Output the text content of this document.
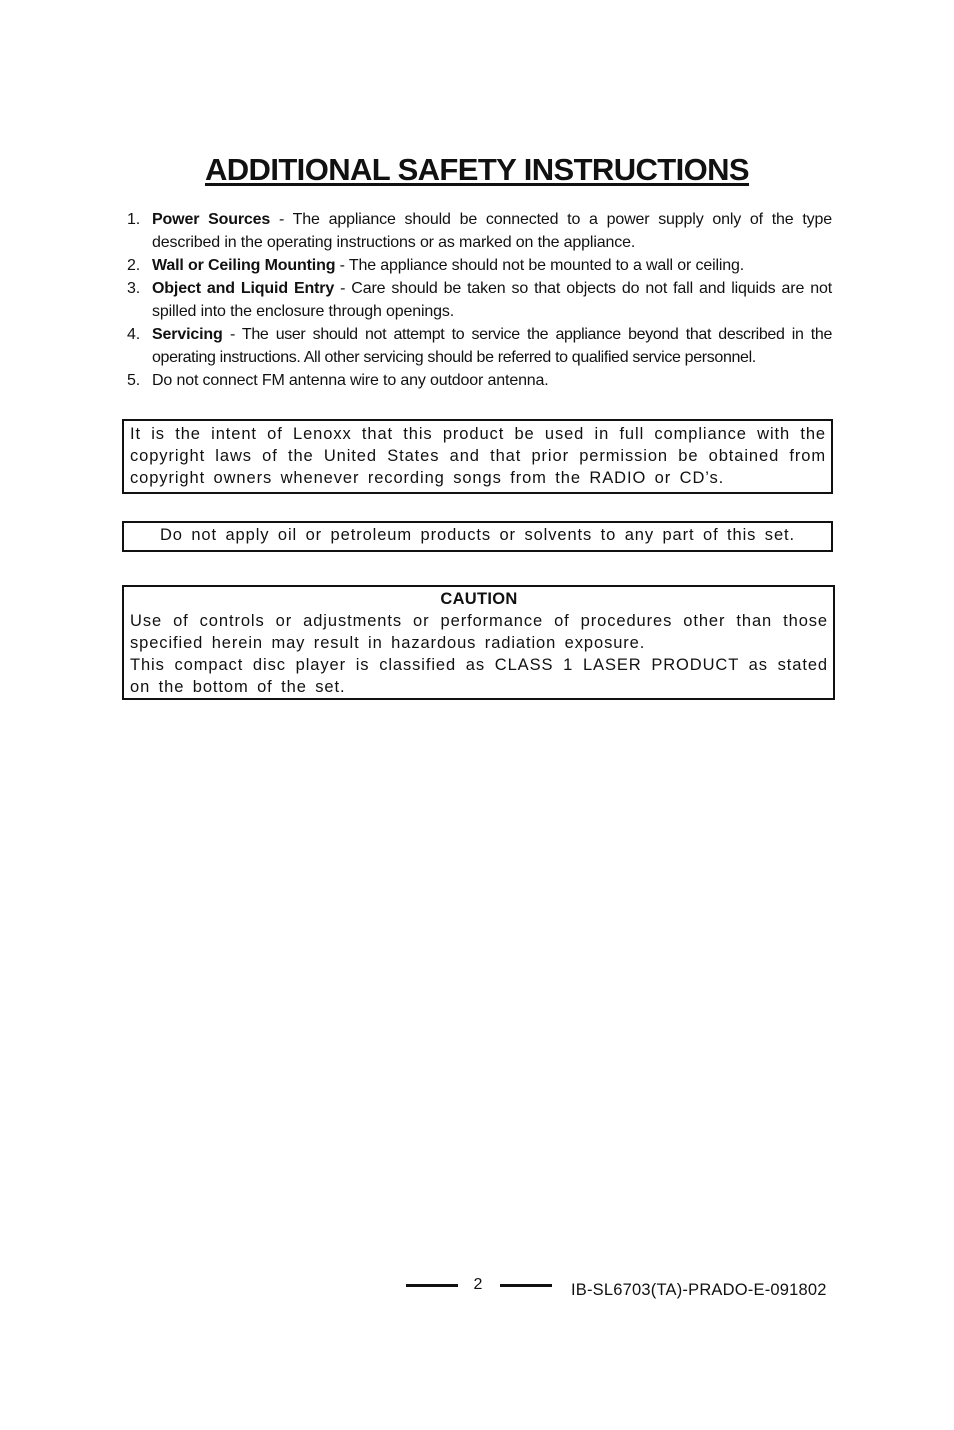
ADDITIONAL SAFETY INSTRUCTIONS
1. Power Sources - The appliance should be connected to a power supply only of the type described in the operating instructions or as marked on the appliance.
2. Wall or Ceiling Mounting - The appliance should not be mounted to a wall or ceiling.
3. Object and Liquid Entry - Care should be taken so that objects do not fall and liquids are not spilled into the enclosure through openings.
4. Servicing - The user should not attempt to service the appliance beyond that described in the operating instructions. All other servicing should be referred to qualified service personnel.
5. Do not connect FM antenna wire to any outdoor antenna.
It is the intent of Lenoxx that this product be used in full compliance with the copyright laws of the United States and that prior permission be obtained from copyright owners whenever recording songs from the RADIO or CD’s.
Do not apply oil or petroleum products or solvents to any part of this set.
CAUTION
Use of controls or adjustments or performance of procedures other than those specified herein may result in hazardous radiation exposure.
This compact disc player is classified as CLASS 1 LASER PRODUCT as stated on the bottom of the set.
2	IB-SL6703(TA)-PRADO-E-091802
